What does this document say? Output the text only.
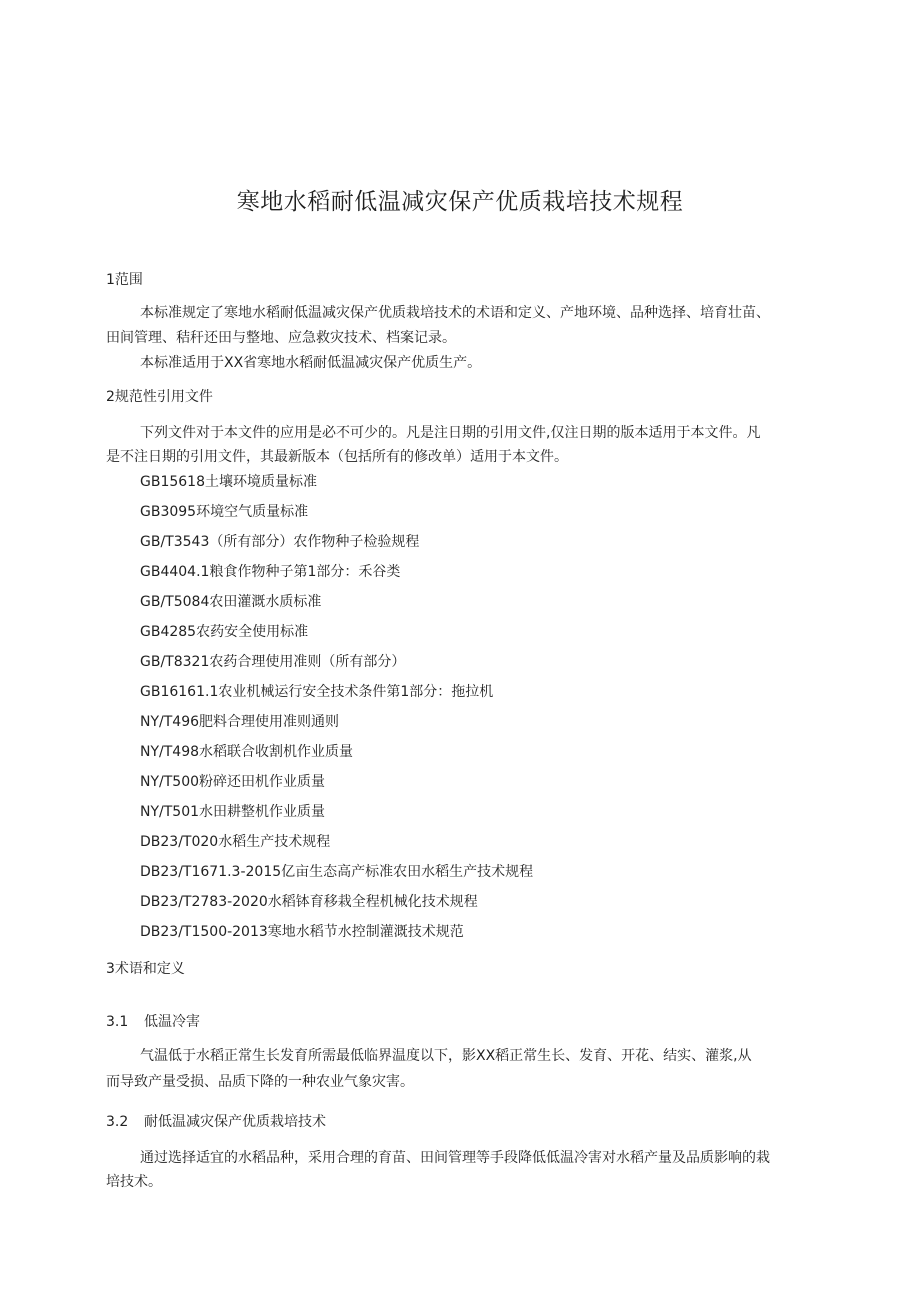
寒地水稻耐低温减灾保产优质栽培技术规程
1范围
本标准规定了寒地水稻耐低温减灾保产优质栽培技术的术语和定义、产地环境、品种选择、培育壮苗、
田间管理、秸秆还田与整地、应急救灾技术、档案记录。
本标准适用于XX省寒地水稻耐低温减灾保产优质生产。
2规范性引用文件
下列文件对于本文件的应用是必不可少的。凡是注日期的引用文件,仅注日期的版本适用于本文件。凡
是不注日期的引用文件，其最新版本（包括所有的修改单）适用于本文件。
GB15618土壤环境质量标准
GB3095环境空气质量标准
GB/T3543（所有部分）农作物种子检验规程
GB4404.1粮食作物种子第1部分：禾谷类
GB/T5084农田灌溉水质标准
GB4285农药安全使用标准
GB/T8321农药合理使用准则（所有部分）
GB16161.1农业机械运行安全技术条件第1部分：拖拉机
NY/T496肥料合理使用准则通则
NY/T498水稻联合收割机作业质量
NY/T500粉碎还田机作业质量
NY/T501水田耕整机作业质量
DB23/T020水稻生产技术规程
DB23/T1671.3-2015亿亩生态高产标准农田水稻生产技术规程
DB23/T2783-2020水稻钵育移栽全程机械化技术规程
DB23/T1500-2013寒地水稻节水控制灌溉技术规范
3术语和定义
3.1 低温冷害
气温低于水稻正常生长发育所需最低临界温度以下，影XX稻正常生长、发育、开花、结实、灌浆,从
而导致产量受损、品质下降的一种农业气象灾害。
3.2 耐低温减灾保产优质栽培技术
通过选择适宜的水稻品种，采用合理的育苗、田间管理等手段降低低温冷害对水稻产量及品质影响的栽
培技术。
